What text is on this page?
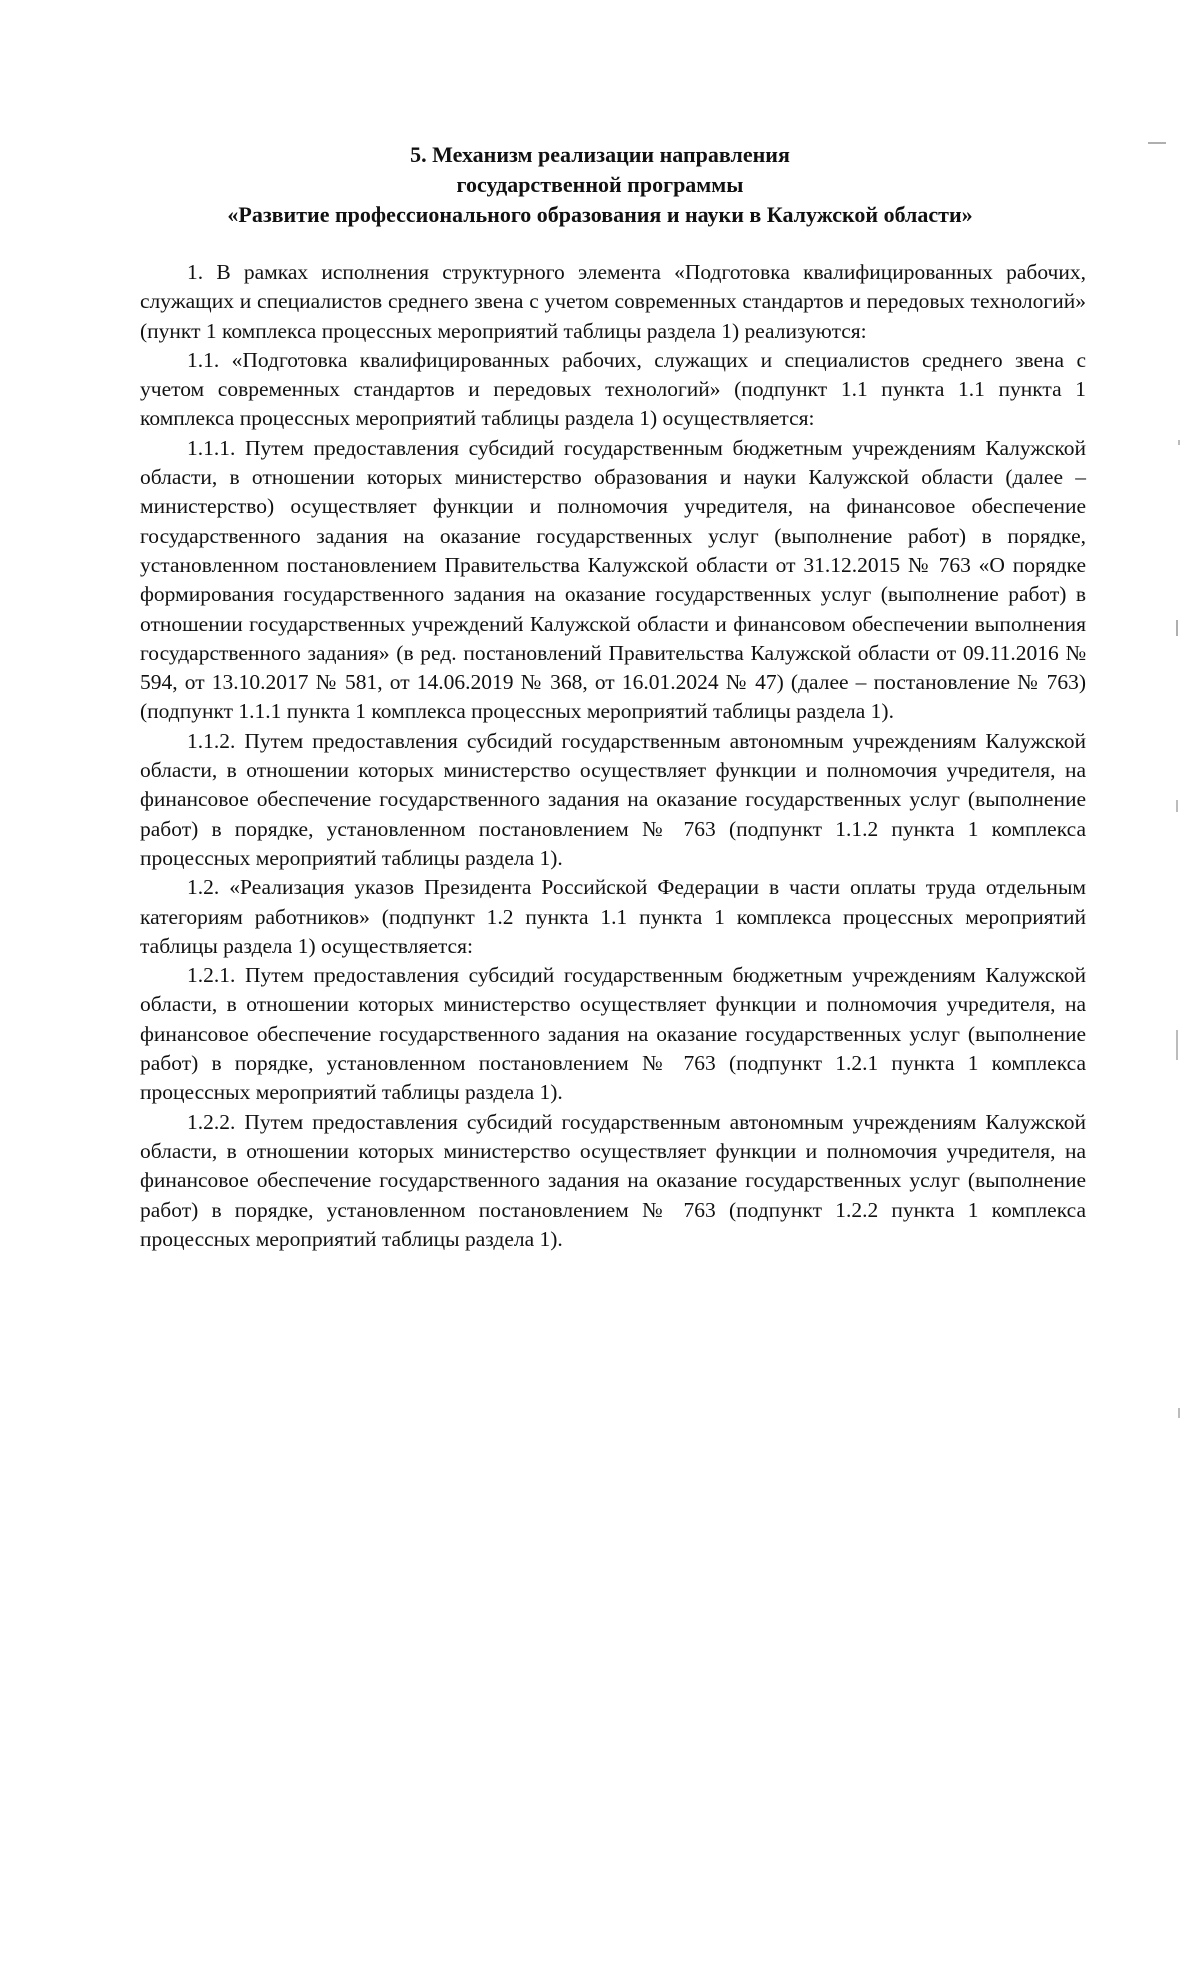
5. Механизм реализации направления
государственной программы
«Развитие профессионального образования и науки в Калужской области»

1. В рамках исполнения структурного элемента «Подготовка квалифицированных рабочих, служащих и специалистов среднего звена с учетом современных стандартов и передовых технологий» (пункт 1 комплекса процессных мероприятий таблицы раздела 1) реализуются:

1.1. «Подготовка квалифицированных рабочих, служащих и специалистов среднего звена с учетом современных стандартов и передовых технологий» (подпункт 1.1 пункта 1.1 пункта 1 комплекса процессных мероприятий таблицы раздела 1) осуществляется:

1.1.1. Путем предоставления субсидий государственным бюджетным учреждениям Калужской области, в отношении которых министерство образования и науки Калужской области (далее – министерство) осуществляет функции и полномочия учредителя, на финансовое обеспечение государственного задания на оказание государственных услуг (выполнение работ) в порядке, установленном постановлением Правительства Калужской области от 31.12.2015 № 763 «О порядке формирования государственного задания на оказание государственных услуг (выполнение работ) в отношении государственных учреждений Калужской области и финансовом обеспечении выполнения государственного задания» (в ред. постановлений Правительства Калужской области от 09.11.2016 № 594, от 13.10.2017 № 581, от 14.06.2019 № 368, от 16.01.2024 № 47) (далее – постановление № 763) (подпункт 1.1.1 пункта 1 комплекса процессных мероприятий таблицы раздела 1).

1.1.2. Путем предоставления субсидий государственным автономным учреждениям Калужской области, в отношении которых министерство осуществляет функции и полномочия учредителя, на финансовое обеспечение государственного задания на оказание государственных услуг (выполнение работ) в порядке, установленном постановлением № 763 (подпункт 1.1.2 пункта 1 комплекса процессных мероприятий таблицы раздела 1).

1.2. «Реализация указов Президента Российской Федерации в части оплаты труда отдельным категориям работников» (подпункт 1.2 пункта 1.1 пункта 1 комплекса процессных мероприятий таблицы раздела 1) осуществляется:

1.2.1. Путем предоставления субсидий государственным бюджетным учреждениям Калужской области, в отношении которых министерство осуществляет функции и полномочия учредителя, на финансовое обеспечение государственного задания на оказание государственных услуг (выполнение работ) в порядке, установленном постановлением № 763 (подпункт 1.2.1 пункта 1 комплекса процессных мероприятий таблицы раздела 1).

1.2.2. Путем предоставления субсидий государственным автономным учреждениям Калужской области, в отношении которых министерство осуществляет функции и полномочия учредителя, на финансовое обеспечение государственного задания на оказание государственных услуг (выполнение работ) в порядке, установленном постановлением № 763 (подпункт 1.2.2 пункта 1 комплекса процессных мероприятий таблицы раздела 1).
